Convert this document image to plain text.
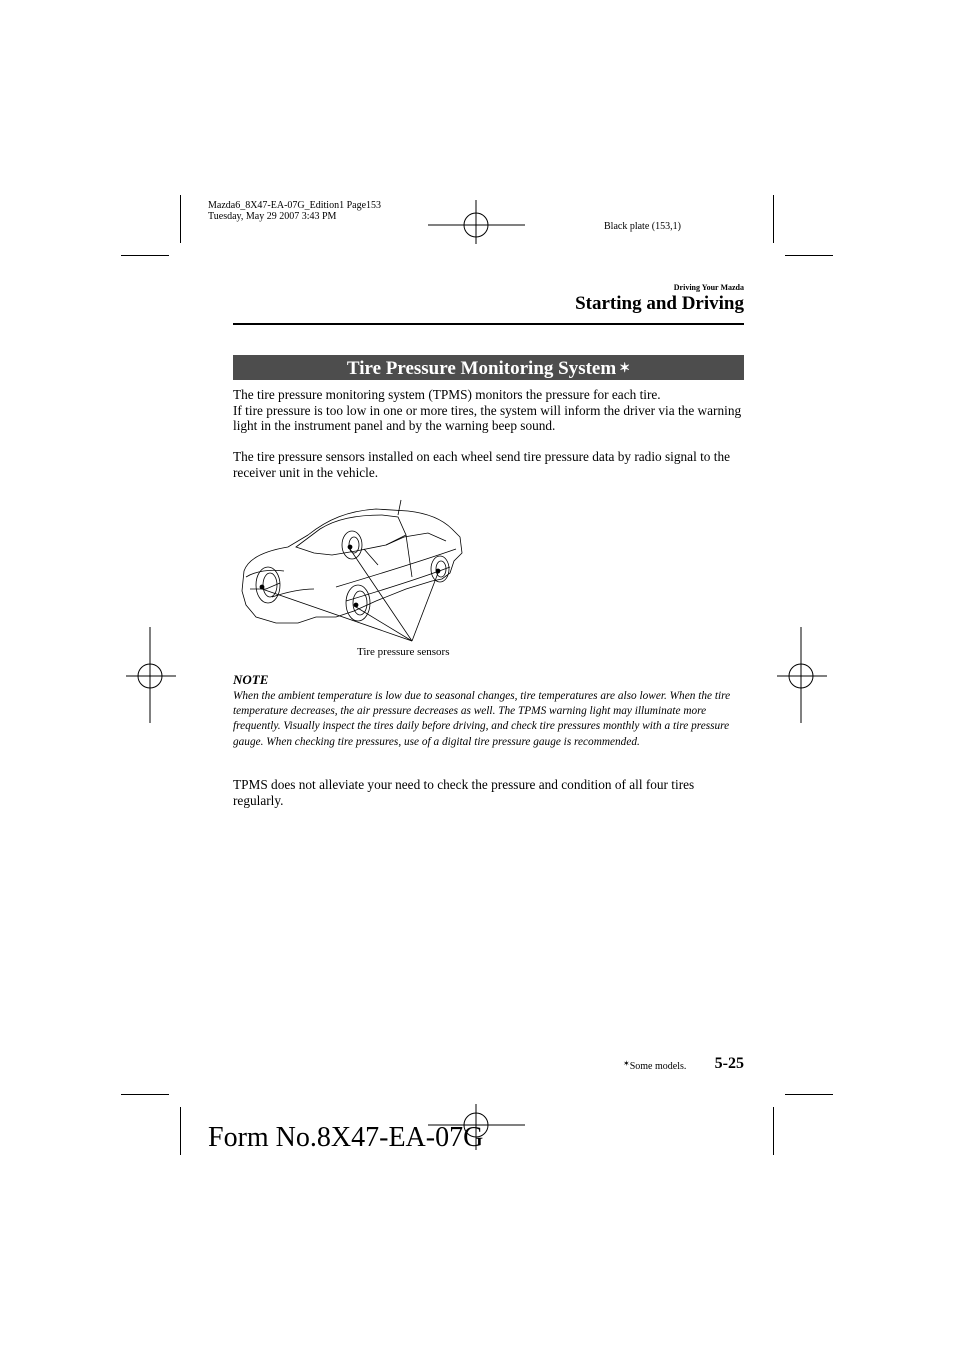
Mazda6_8X47-EA-07G_Edition1 Page153
Tuesday, May 29 2007 3:43 PM
Black plate (153,1)
Driving Your Mazda
Starting and Driving
Tire Pressure Monitoring System ✶
The tire pressure monitoring system (TPMS) monitors the pressure for each tire.
If tire pressure is too low in one or more tires, the system will inform the driver via the warning light in the instrument panel and by the warning beep sound.
The tire pressure sensors installed on each wheel send tire pressure data by radio signal to the receiver unit in the vehicle.
Tire pressure sensors
NOTE
When the ambient temperature is low due to seasonal changes, tire temperatures are also lower. When the tire temperature decreases, the air pressure decreases as well. The TPMS warning light may illuminate more frequently. Visually inspect the tires daily before driving, and check tire pressures monthly with a tire pressure gauge. When checking tire pressures, use of a digital tire pressure gauge is recommended.
TPMS does not alleviate your need to check the pressure and condition of all four tires regularly.
✶Some models.	5-25
Form No.8X47-EA-07G
